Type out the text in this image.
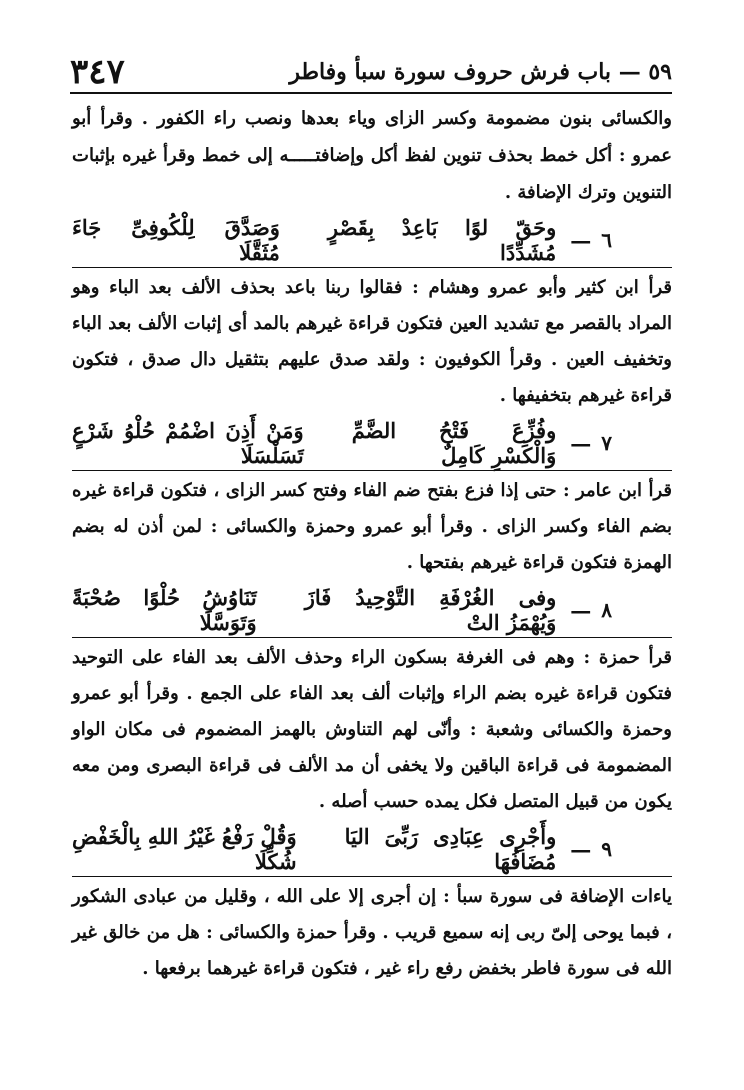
٥٩ — باب فرش حروف سورة سبأ وفاطر
٣٤٧

والكسائى بنون مضمومة وكسر الزاى وياء بعدها ونصب راء الكفور . وقرأ أبو عمرو : أكل خمط بحذف تنوين لفظ أكل وإضافتـــــه إلى خمط وقرأ غيره بإثبات التنوين وترك الإضافة .

٦
—
وحَقّ لوًا بَاعِدْ بِقَصْرٍ مُشَدِّدًا
وَصَدَّقَ لِلْكُوفِىِّ جَاءَ مُثَقَّلَا

قرأ ابن كثير وأبو عمرو وهشام : فقالوا ربنا باعد بحذف الألف بعد الباء وهو المراد بالقصر مع تشديد العين فتكون قراءة غيرهم بالمد أى إثبات الألف بعد الباء وتخفيف العين . وقرأ الكوفيون : ولقد صدق عليهم بتثقيل دال صدق ، فتكون قراءة غيرهم بتخفيفها .

٧
—
وفُزِّعَ فَتْحُ الضَّمِّ وَالْكَسْرِ كَامِلٌ
وَمَنْ أَذِنَ اضْمُمْ حُلْوُ شَرْعٍ تَسَلْسَلَا

قرأ ابن عامر : حتى إذا فزع بفتح ضم الفاء وفتح كسر الزاى ، فتكون قراءة غيره بضم الفاء وكسر الزاى . وقرأ أبو عمرو وحمزة والكسائى : لمن أذن له بضم الهمزة فتكون قراءة غيرهم بفتحها .

٨
—
وفى الغُرْفَةِ التَّوْحِيدُ فَازَ وَيُهْمَزُ التْ
تَنَاوُشُ حُلْوًا صُحْبَةً وَتَوَسَّلَا

قرأ حمزة : وهم فى الغرفة بسكون الراء وحذف الألف بعد الفاء على التوحيد فتكون قراءة غيره بضم الراء وإثبات ألف بعد الفاء على الجمع . وقرأ أبو عمرو وحمزة والكسائى وشعبة : وأنّى لهم التناوش بالهمز المضموم فى مكان الواو المضمومة فى قراءة الباقين ولا يخفى أن مد الألف فى قراءة البصرى ومن معه يكون من قبيل المتصل فكل يمده حسب أصله .

٩
—
وأَجْرِى عِبَادِى رَبِّىَ اليَا مُضَافُهَا
وَقُلْ رَفْعُ غَيْرُ اللهِ بِالْخَفْضِ شُكِّلَا

ياءات الإضافة فى سورة سبأ : إن أجرى إلا على الله ، وقليل من عبادى الشكور ، فبما يوحى إلىّ ربى إنه سميع قريب . وقرأ حمزة والكسائى : هل من خالق غير الله فى سورة فاطر بخفض رفع راء غير ، فتكون قراءة غيرهما برفعها .
